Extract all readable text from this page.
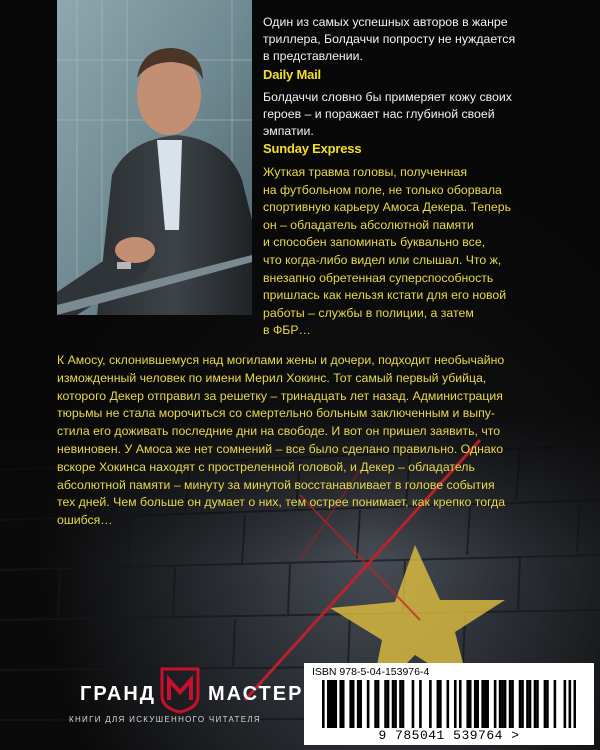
Один из самых успешных авторов в жанре
триллера, Болдаччи попросту не нуждается
в представлении.

Daily Mail

Болдаччи словно бы примеряет кожу своих
героев – и поражает нас глубиной своей
эмпатии.

Sunday Express

Жуткая травма головы, полученная
на футбольном поле, не только оборвала
спортивную карьеру Амоса Декера. Теперь
он – обладатель абсолютной памяти
и способен запоминать буквально все,
что когда-либо видел или слышал. Что ж,
внезапно обретенная суперспособность
пришлась как нельзя кстати для его новой
работы – службы в полиции, а затем
в ФБР…

К Амосу, склонившемуся над могилами жены и дочери, подходит необычайно
изможденный человек по имени Мерил Хокинс. Тот самый первый убийца,
которого Декер отправил за решетку – тринадцать лет назад. Администрация
тюрьмы не стала морочиться со смертельно больным заключенным и выпу-
стила его доживать последние дни на свободе. И вот он пришел заявить, что
невиновен. У Амоса же нет сомнений – все было сделано правильно. Однако
вскоре Хокинса находят с простреленной головой, и Декер – обладатель
абсолютной памяти – минуту за минутой восстанавливает в голове события
тех дней. Чем больше он думает о них, тем острее понимает, как крепко тогда
ошибся…

ГРАНД	МАСТЕР
КНИГИ ДЛЯ ИСКУШЕННОГО ЧИТАТЕЛЯ
ISBN 978-5-04-153976-4
9 785041 539764 >
